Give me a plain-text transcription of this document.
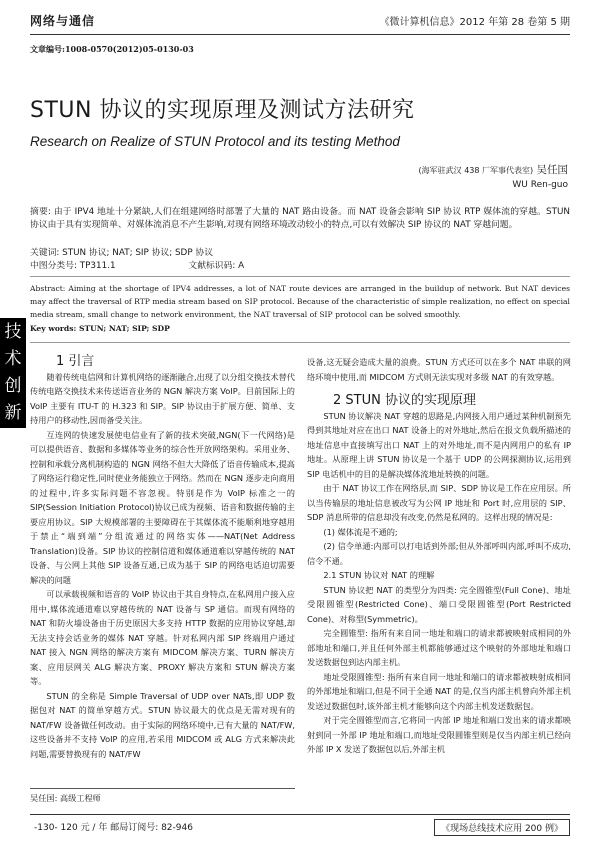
网络与通信	《微计算机信息》2012 年第 28 卷第 5 期
文章编号:1008-0570(2012)05-0130-03
STUN 协议的实现原理及测试方法研究
Research on Realize of STUN Protocol and its testing Method
(海军驻武汉 438 厂军事代表室) 吴任国
WU Ren-guo
摘要: 由于 IPV4 地址十分紧缺,人们在组建网络时部署了大量的 NAT 路由设备。而 NAT 设备会影响 SIP 协议 RTP 媒体流的穿越。STUN 协议由于具有实现简单、对媒体流消息不产生影响,对现有网络环境改动较小的特点,可以有效解决 SIP 协议的 NAT 穿越问题。
关键词: STUN 协议; NAT; SIP 协议; SDP 协议
中图分类号: TP311.1	文献标识码: A
Abstract: Aiming at the shortage of IPV4 addresses, a lot of NAT route devices are arranged in the buildup of network. But NAT devices may affect the traversal of RTP media stream based on SIP protocol. Because of the characteristic of simple realization, no effect on special media stream, small change to network environment, the NAT traversal of SIP protocol can be solved smoothly.
Key words: STUN; NAT; SIP; SDP
技
术
创
新

1 引言

随着传统电信网和计算机网络的逐渐融合,出现了以分组交换技术替代传统电路交换技术来传送语音业务的 NGN 解决方案 VoIP。目前国际上的 VoIP 主要有 ITU-T 的 H.323 和 SIP。SIP 协议由于扩展方便、简单、支持用户的移动性,因而备受关注。

互连网的快速发展使电信业有了新的技术突破,NGN(下一代网络)是可以提供语音、数据和多媒体等业务的综合性开放网络架构。采用业务、控制和承载分离机制构造的 NGN 网络不但大大降低了语音传输成本,提高了网络运行稳定性,同时使业务能独立于网络。然而在 NGN 逐步走向商用的过程中,许多实际问题不容忽视。特别是作为 VoIP 标准之一的 SIP(Session Initiation Protocol)协议已成为视频、语音和数据传输的主要应用协议。SIP 大规模部署的主要障碍在于其媒体流不能顺利地穿越用于禁止“端到端”分组流通过的网络实体——NAT(Net Address Translation)设备。SIP 协议的控制信道和媒体通道难以穿越传统的 NAT 设备、与公网上其他 SIP 设备互通,已成为基于 SIP 的网络电话迫切需要解决的问题

可以承载视频和语音的 VoIP 协议由于其自身特点,在私网用户接入应用中,媒体流通道难以穿越传统的 NAT 设备与 SP 通信。而现有网络的 NAT 和防火墙设备由于历史原因大多支持 HTTP 数据的应用协议穿越,却无法支持会话业务的媒体 NAT 穿越。针对私网内部 SIP 终端用户通过 NAT 接入 NGN 网络的解决方案有 MIDCOM 解决方案、TURN 解决方案、应用层网关 ALG 解决方案、PROXY 解决方案和 STUN 解决方案等。

STUN 的全称是 Simple Traversal of UDP over NATs,即 UDP 数据包对 NAT 的简单穿越方式。STUN 协议最大的优点是无需对现有的 NAT/FW 设备做任何改动。由于实际的网络环境中,已有大量的 NAT/FW,这些设备并不支持 VoIP 的应用,若采用 MIDCOM 或 ALG 方式来解决此问题,需要替换现有的 NAT/FW

设备,这无疑会造成大量的浪费。STUN 方式还可以在多个 NAT 串联的网络环境中使用,而 MIDCOM 方式则无法实现对多级 NAT 的有效穿越。

2 STUN 协议的实现原理

STUN 协议解决 NAT 穿越的思路是,内网接入用户通过某种机制预先得到其地址对应在出口 NAT 设备上的对外地址,然后在报文负载所描述的地址信息中直接填写出口 NAT 上的对外地址,而不是内网用户的私有 IP 地址。从原理上讲 STUN 协议是一个基于 UDP 的公网探测协议,运用到 SIP 电话机中的目的是解决媒体流地址转换的问题。

由于 NAT 协议工作在网络层,而 SIP、SDP 协议是工作在应用层。所以当传输层的地址信息被改写为公网 IP 地址和 Port 时,应用层的 SIP、SDP 消息所带的信息却没有改变,仍然是私网的。这样出现的情况是:

(1) 媒体流是不通的;

(2) 信令单通:内部可以打电话到外部;但从外部呼叫内部,呼叫不成功,信令不通。

2.1 STUN 协议对 NAT 的理解

STUN 协议把 NAT 的类型分为四类: 完全圆锥型(Full Cone)、地址受限圆锥型(Restricted Cone)、端口受限圆锥型(Port Restricted Cone)、对称型(Symmetric)。

完全圆锥型: 指所有来自同一地址和端口的请求都被映射成相同的外部地址和端口,并且任何外部主机都能够通过这个映射的外部地址和端口发送数据包到达内部主机。

地址受限圆锥型: 指所有来自同一地址和端口的请求都被映射成相同的外部地址和端口,但是不同于全通 NAT 的是,仅当内部主机曾向外部主机发送过数据包时,该外部主机才能够向这个内部主机发送数据包。

对于完全圆锥型而言,它将同一内部 IP 地址和端口发出来的请求都映射到同一外部 IP 地址和端口,而地址受限圆锥型则是仅当内部主机已经向外部 IP X 发送了数据包以后,外部主机

吴任国: 高级工程师
-130- 120 元 / 年 邮局订阅号: 82-946	《现场总线技术应用 200 例》
